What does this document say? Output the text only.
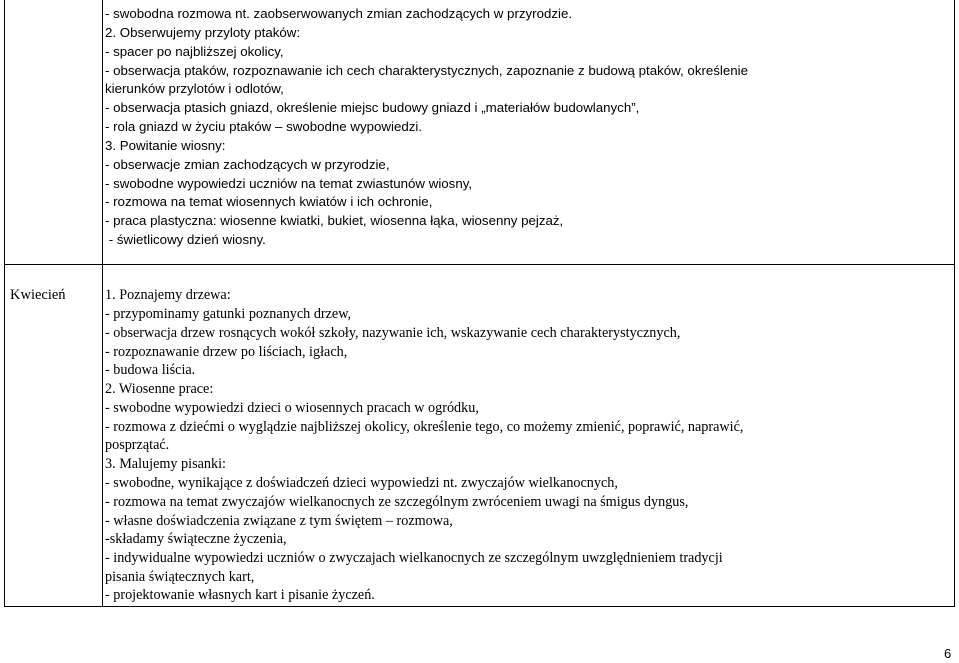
- swobodna rozmowa nt. zaobserwowanych zmian zachodzących w przyrodzie.
2. Obserwujemy przyloty ptaków:
- spacer po najbliższej okolicy,
- obserwacja ptaków, rozpoznawanie ich cech charakterystycznych, zapoznanie z budową ptaków, określenie
kierunków przylotów i odlotów,
- obserwacja ptasich gniazd, określenie miejsc budowy gniazd i „materiałów budowlanych”,
- rola gniazd w życiu ptaków – swobodne wypowiedzi.
3. Powitanie wiosny:
- obserwacje zmian zachodzących w przyrodzie,
- swobodne wypowiedzi uczniów na temat zwiastunów wiosny,
- rozmowa na temat wiosennych kwiatów i ich ochronie,
- praca plastyczna: wiosenne kwiatki, bukiet, wiosenna łąka, wiosenny pejzaż,
- świetlicowy dzień wiosny.
Kwiecień	1. Poznajemy drzewa:
- przypominamy gatunki poznanych drzew,
- obserwacja drzew rosnących wokół szkoły, nazywanie ich, wskazywanie cech charakterystycznych,
- rozpoznawanie drzew po liściach, igłach,
- budowa liścia.
2. Wiosenne prace:
- swobodne wypowiedzi dzieci o wiosennych pracach w ogródku,
- rozmowa z dziećmi o wyglądzie najbliższej okolicy, określenie tego, co możemy zmienić, poprawić, naprawić,
posprzątać.
3. Malujemy pisanki:
- swobodne, wynikające z doświadczeń dzieci wypowiedzi nt. zwyczajów wielkanocnych,
- rozmowa na temat zwyczajów wielkanocnych ze szczególnym zwróceniem uwagi na śmigus dyngus,
- własne doświadczenia związane z tym świętem – rozmowa,
-składamy świąteczne życzenia,
- indywidualne wypowiedzi uczniów o zwyczajach wielkanocnych ze szczególnym uwzględnieniem tradycji
pisania świątecznych kart,
- projektowanie własnych kart i pisanie życzeń.
6
